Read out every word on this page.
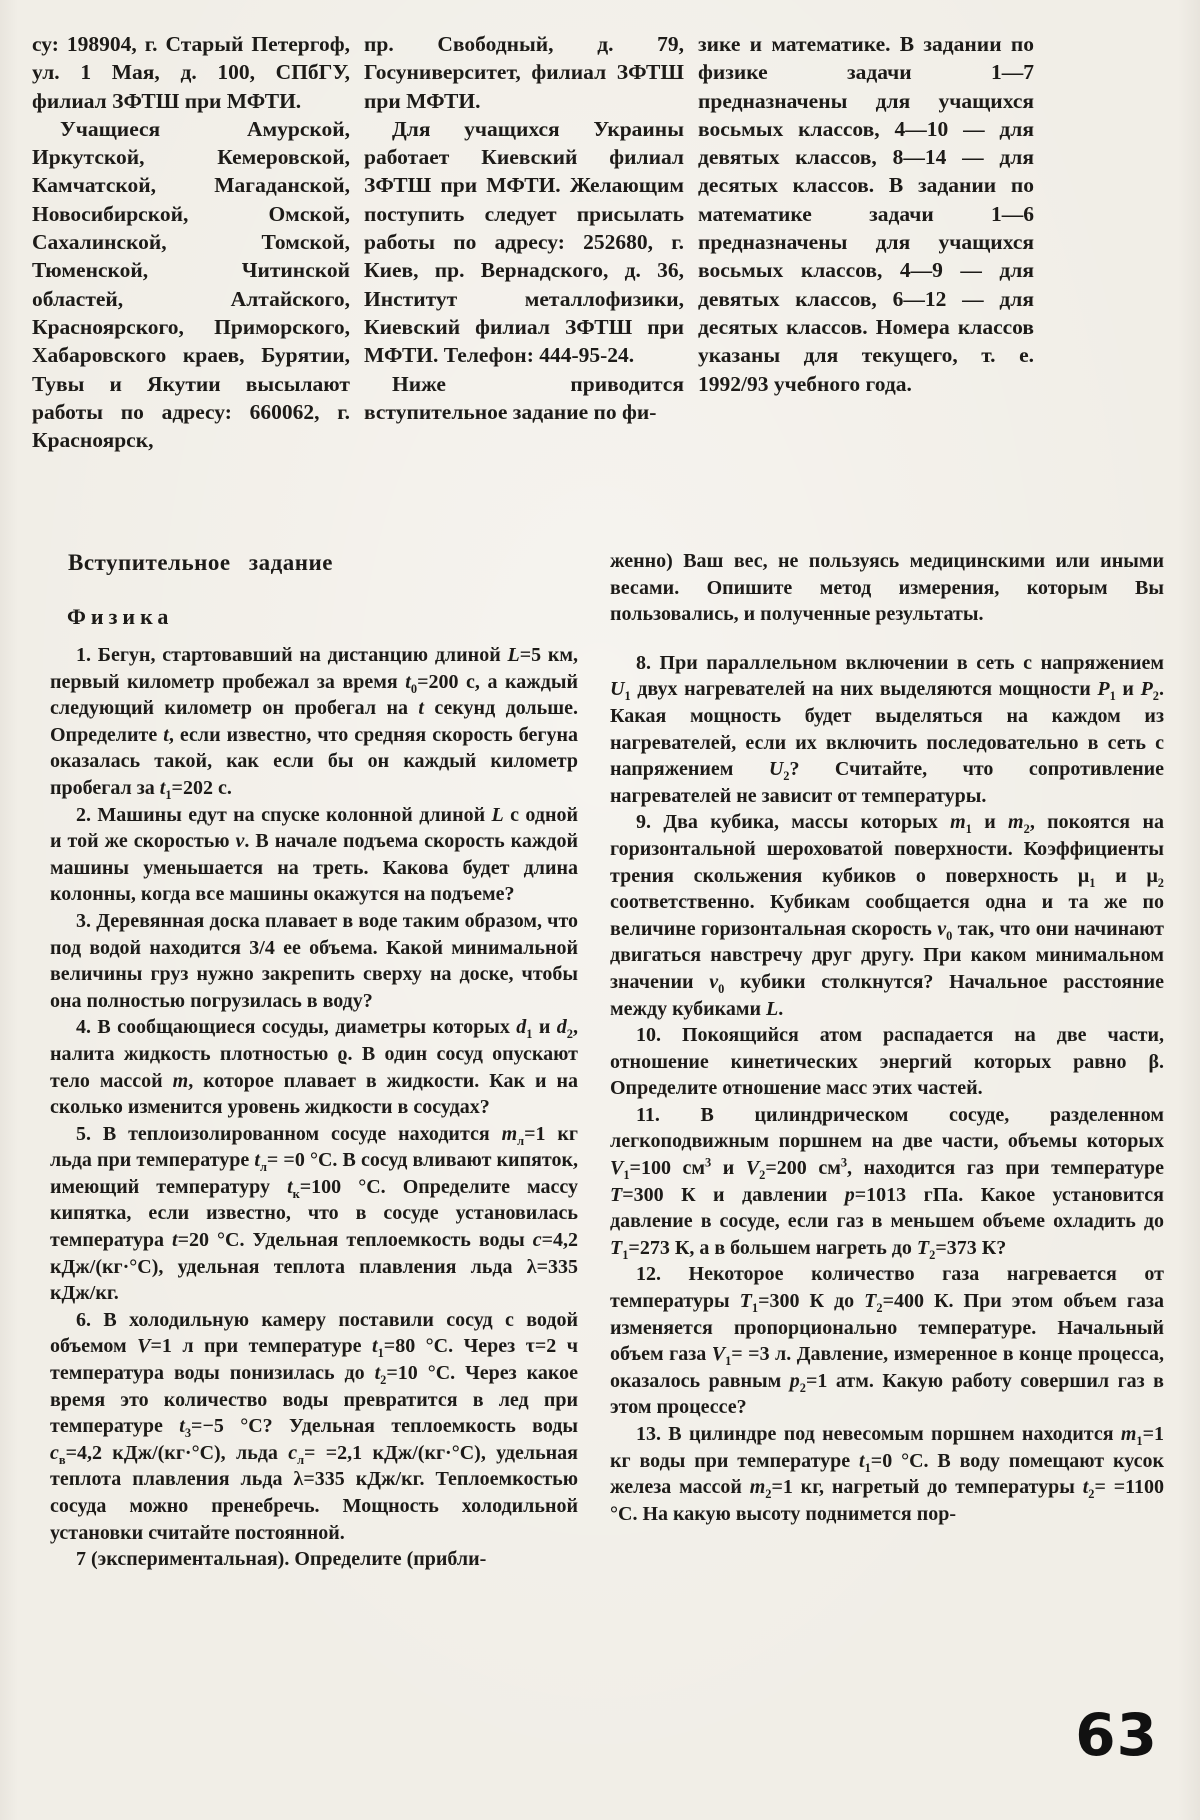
су: 198904, г. Старый Петергоф, ул. 1 Мая, д. 100, СПбГУ, филиал ЗФТШ при МФТИ.

Учащиеся Амурской, Иркутской, Кемеровской, Камчатской, Магаданской, Новосибирской, Омской, Сахалинской, Томской, Тюменской, Читинской областей, Алтайского, Красноярского, Приморского, Хабаровского краев, Бурятии, Тувы и Якутии высылают работы по адресу: 660062, г. Красноярск,

пр. Свободный, д. 79, Госуниверситет, филиал ЗФТШ при МФТИ.

Для учащихся Украины работает Киевский филиал ЗФТШ при МФТИ. Желающим поступить следует присылать работы по адресу: 252680, г. Киев, пр. Вернадского, д. 36, Институт металлофизики, Киевский филиал ЗФТШ при МФТИ. Телефон: 444-95-24.

Ниже приводится вступительное задание по фи-

зике и математике. В задании по физике задачи 1—7 предназначены для учащихся восьмых классов, 4—10 — для девятых классов, 8—14 — для десятых классов. В задании по математике задачи 1—6 предназначены для учащихся восьмых классов, 4—9 — для девятых классов, 6—12 — для десятых классов. Номера классов указаны для текущего, т. е. 1992/93 учебного года.

Вступительное задание
Физика

1. Бегун, стартовавший на дистанцию длиной L=5 км, первый километр пробежал за время $t_0=200$ с, а каждый следующий километр он пробегал на t секунд дольше. Определите t, если известно, что средняя скорость бегуна оказалась такой, как если бы он каждый километр пробегал за $t_1=202$ с.

2. Машины едут на спуске колонной длиной L с одной и той же скоростью v. В начале подъема скорость каждой машины уменьшается на треть. Какова будет длина колонны, когда все машины окажутся на подъеме?

3. Деревянная доска плавает в воде таким образом, что под водой находится 3/4 ее объема. Какой минимальной величины груз нужно закрепить сверху на доске, чтобы она полностью погрузилась в воду?

4. В сообщающиеся сосуды, диаметры которых $d_1$ и $d_2$, налита жидкость плотностью ϱ. В один сосуд опускают тело массой m, которое плавает в жидкости. Как и на сколько изменится уровень жидкости в сосудах?

5. В теплоизолированном сосуде находится $m_л=1$ кг льда при температуре $t_л= =0$ °С. В сосуд вливают кипяток, имеющий температуру $t_к=100$ °С. Определите массу кипятка, если известно, что в сосуде установилась температура t=20 °С. Удельная теплоемкость воды c=4,2 кДж/(кг·°С), удельная теплота плавления льда λ=335 кДж/кг.

6. В холодильную камеру поставили сосуд с водой объемом V=1 л при температуре $t_1=80$ °С. Через τ=2 ч температура воды понизилась до $t_2=10$ °С. Через какое время это количество воды превратится в лед при температуре $t_3=-5$ °С? Удельная теплоемкость воды $c_в=4,2$ кДж/(кг·°С), льда $c_л= =2,1$ кДж/(кг·°С), удельная теплота плавления льда λ=335 кДж/кг. Теплоемкостью сосуда можно пренебречь. Мощность холодильной установки считайте постоянной.

7 (экспериментальная). Определите (прибли-

женно) Ваш вес, не пользуясь медицинскими или иными весами. Опишите метод измерения, которым Вы пользовались, и полученные результаты.

8. При параллельном включении в сеть с напряжением $U_1$ двух нагревателей на них выделяются мощности $P_1$ и $P_2$. Какая мощность будет выделяться на каждом из нагревателей, если их включить последовательно в сеть с напряжением $U_2$? Считайте, что сопротивление нагревателей не зависит от температуры.

9. Два кубика, массы которых $m_1$ и $m_2$, покоятся на горизонтальной шероховатой поверхности. Коэффициенты трения скольжения кубиков о поверхность $\mu_1$ и $\mu_2$ соответственно. Кубикам сообщается одна и та же по величине горизонтальная скорость $v_0$ так, что они начинают двигаться навстречу друг другу. При каком минимальном значении $v_0$ кубики столкнутся? Начальное расстояние между кубиками L.

10. Покоящийся атом распадается на две части, отношение кинетических энергий которых равно β. Определите отношение масс этих частей.

11. В цилиндрическом сосуде, разделенном легкоподвижным поршнем на две части, объемы которых $V_1=100$ $см^3$ и $V_2=200$ $см^3$, находится газ при температуре T=300 К и давлении p=1013 гПа. Какое установится давление в сосуде, если газ в меньшем объеме охладить до $T_1=273$ К, а в большем нагреть до $T_2=373$ К?

12. Некоторое количество газа нагревается от температуры $T_1=300$ К до $T_2=400$ К. При этом объем газа изменяется пропорционально температуре. Начальный объем газа $V_1= =3$ л. Давление, измеренное в конце процесса, оказалось равным $p_2=1$ атм. Какую работу совершил газ в этом процессе?

13. В цилиндре под невесомым поршнем находится $m_1=1$ кг воды при температуре $t_1=0$ °С. В воду помещают кусок железа массой $m_2=1$ кг, нагретый до температуры $t_2= =1100$ °С. На какую высоту поднимется пор-

63
